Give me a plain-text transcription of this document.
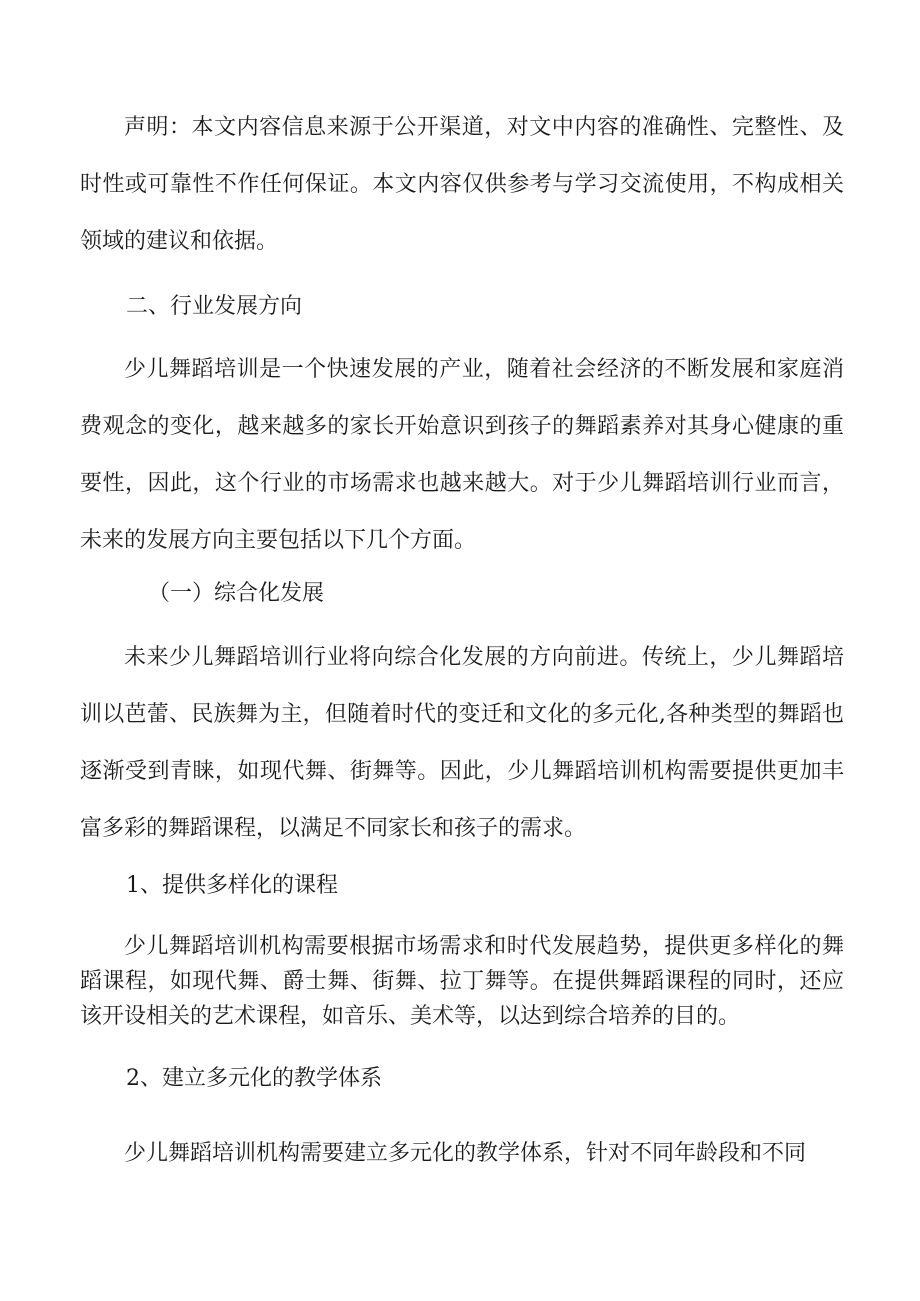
声明：本文内容信息来源于公开渠道，对文中内容的准确性、完整性、及时性或可靠性不作任何保证。本文内容仅供参考与学习交流使用，不构成相关领域的建议和依据。

二、行业发展方向

少儿舞蹈培训是一个快速发展的产业，随着社会经济的不断发展和家庭消费观念的变化，越来越多的家长开始意识到孩子的舞蹈素养对其身心健康的重要性，因此，这个行业的市场需求也越来越大。对于少儿舞蹈培训行业而言，未来的发展方向主要包括以下几个方面。

（一）综合化发展

未来少儿舞蹈培训行业将向综合化发展的方向前进。传统上，少儿舞蹈培训以芭蕾、民族舞为主，但随着时代的变迁和文化的多元化,各种类型的舞蹈也逐渐受到青睐，如现代舞、街舞等。因此，少儿舞蹈培训机构需要提供更加丰富多彩的舞蹈课程，以满足不同家长和孩子的需求。

1、提供多样化的课程

少儿舞蹈培训机构需要根据市场需求和时代发展趋势，提供更多样化的舞蹈课程，如现代舞、爵士舞、街舞、拉丁舞等。在提供舞蹈课程的同时，还应该开设相关的艺术课程，如音乐、美术等，以达到综合培养的目的。

2、建立多元化的教学体系

少儿舞蹈培训机构需要建立多元化的教学体系，针对不同年龄段和不同
